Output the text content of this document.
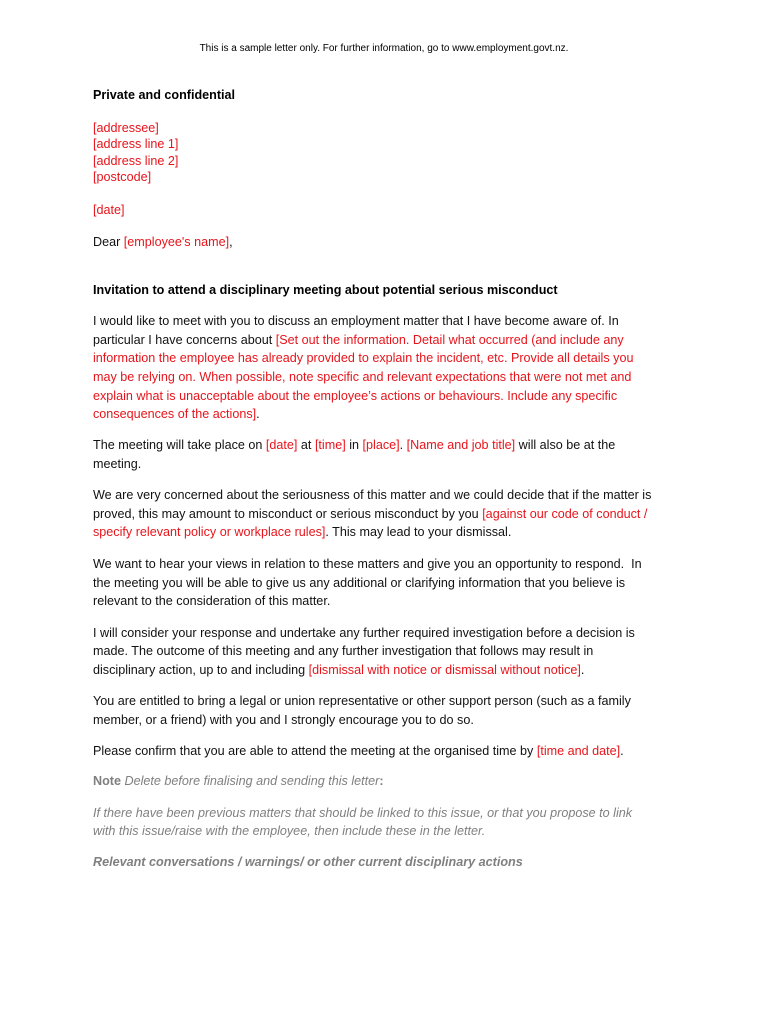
This is a sample letter only. For further information, go to www.employment.govt.nz.
Private and confidential
[addressee]
[address line 1]
[address line 2]
[postcode]
[date]
Dear [employee's name],
Invitation to attend a disciplinary meeting about potential serious misconduct
I would like to meet with you to discuss an employment matter that I have become aware of. In
particular I have concerns about [Set out the information. Detail what occurred (and include any
information the employee has already provided to explain the incident, etc. Provide all details you
may be relying on. When possible, note specific and relevant expectations that were not met and
explain what is unacceptable about the employee’s actions or behaviours. Include any specific
consequences of the actions].
The meeting will take place on [date] at [time] in [place]. [Name and job title] will also be at the
meeting.
We are very concerned about the seriousness of this matter and we could decide that if the matter is
proved, this may amount to misconduct or serious misconduct by you [against our code of conduct /
specify relevant policy or workplace rules]. This may lead to your dismissal.
We want to hear your views in relation to these matters and give you an opportunity to respond.  In
the meeting you will be able to give us any additional or clarifying information that you believe is
relevant to the consideration of this matter.
I will consider your response and undertake any further required investigation before a decision is
made. The outcome of this meeting and any further investigation that follows may result in
disciplinary action, up to and including [dismissal with notice or dismissal without notice].
You are entitled to bring a legal or union representative or other support person (such as a family
member, or a friend) with you and I strongly encourage you to do so.
Please confirm that you are able to attend the meeting at the organised time by [time and date].
Note Delete before finalising and sending this letter:
If there have been previous matters that should be linked to this issue, or that you propose to link
with this issue/raise with the employee, then include these in the letter.
Relevant conversations / warnings/ or other current disciplinary actions
